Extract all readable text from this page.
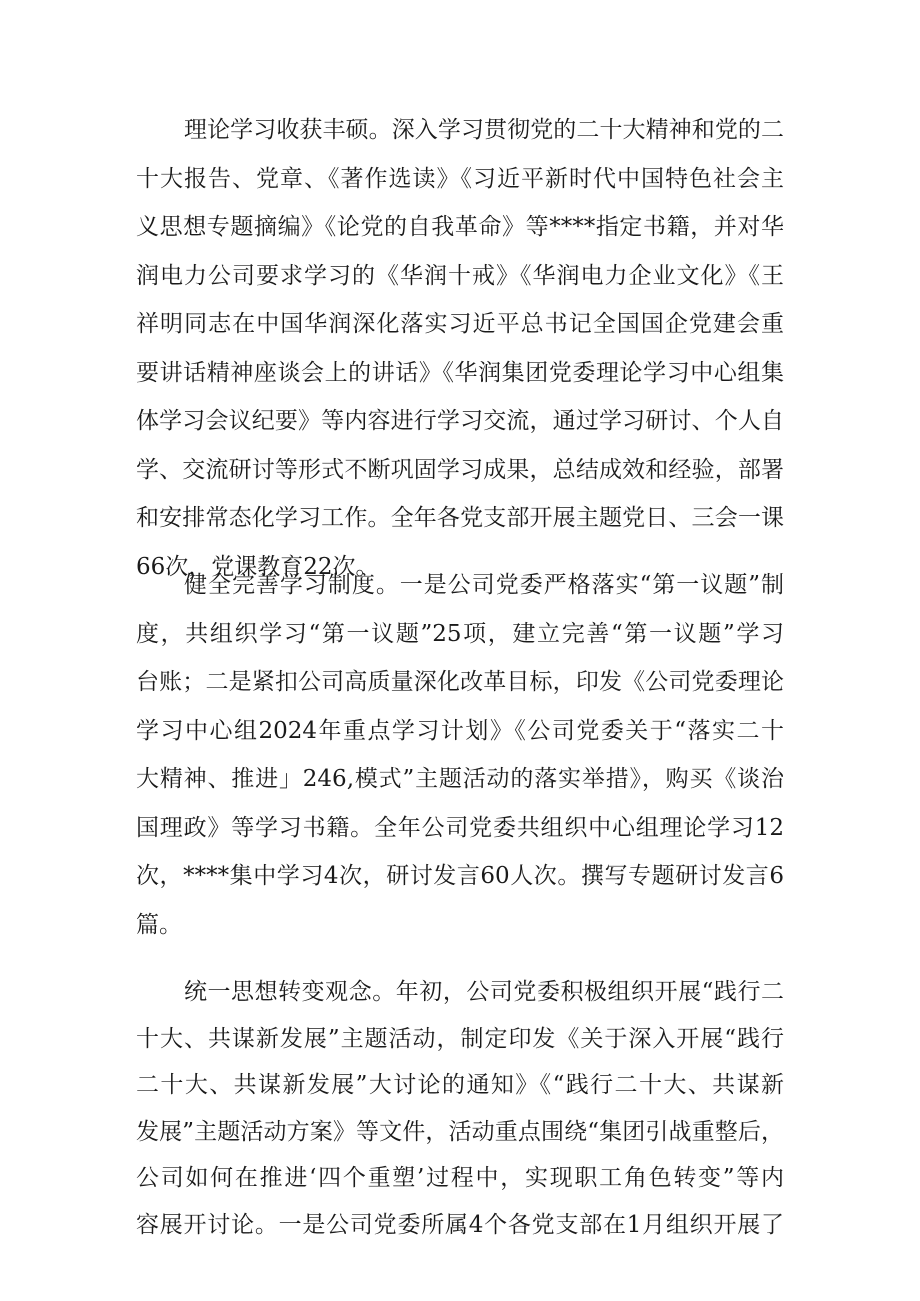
理论学习收获丰硕。深入学习贯彻党的二十大精神和党的二
十大报告、党章、《著作选读》《习近平新时代中国特色社会主
义思想专题摘编》《论党的自我革命》等****指定书籍，并对华
润电力公司要求学习的《华润十戒》《华润电力企业文化》《王
祥明同志在中国华润深化落实习近平总书记全国国企党建会重
要讲话精神座谈会上的讲话》《华润集团党委理论学习中心组集
体学习会议纪要》等内容进行学习交流，通过学习研讨、个人自
学、交流研讨等形式不断巩固学习成果，总结成效和经验，部署
和安排常态化学习工作。全年各党支部开展主题党日、三会一课
66次，党课教育22次。
健全完善学习制度。一是公司党委严格落实“第一议题”制
度，共组织学习“第一议题”25项，建立完善“第一议题”学习
台账；二是紧扣公司高质量深化改革目标，印发《公司党委理论
学习中心组2024年重点学习计划》《公司党委关于“落实二十
大精神、推进」246,模式”主题活动的落实举措》，购买《谈治
国理政》等学习书籍。全年公司党委共组织中心组理论学习12
次，****集中学习4次，研讨发言60人次。撰写专题研讨发言6
篇。
统一思想转变观念。年初，公司党委积极组织开展“践行二
十大、共谋新发展”主题活动，制定印发《关于深入开展“践行
二十大、共谋新发展”大讨论的通知》《“践行二十大、共谋新
发展”主题活动方案》等文件，活动重点围绕“集团引战重整后，
公司如何在推进‘四个重塑’过程中，实现职工角色转变”等内
容展开讨论。一是公司党委所属4个各党支部在1月组织开展了
